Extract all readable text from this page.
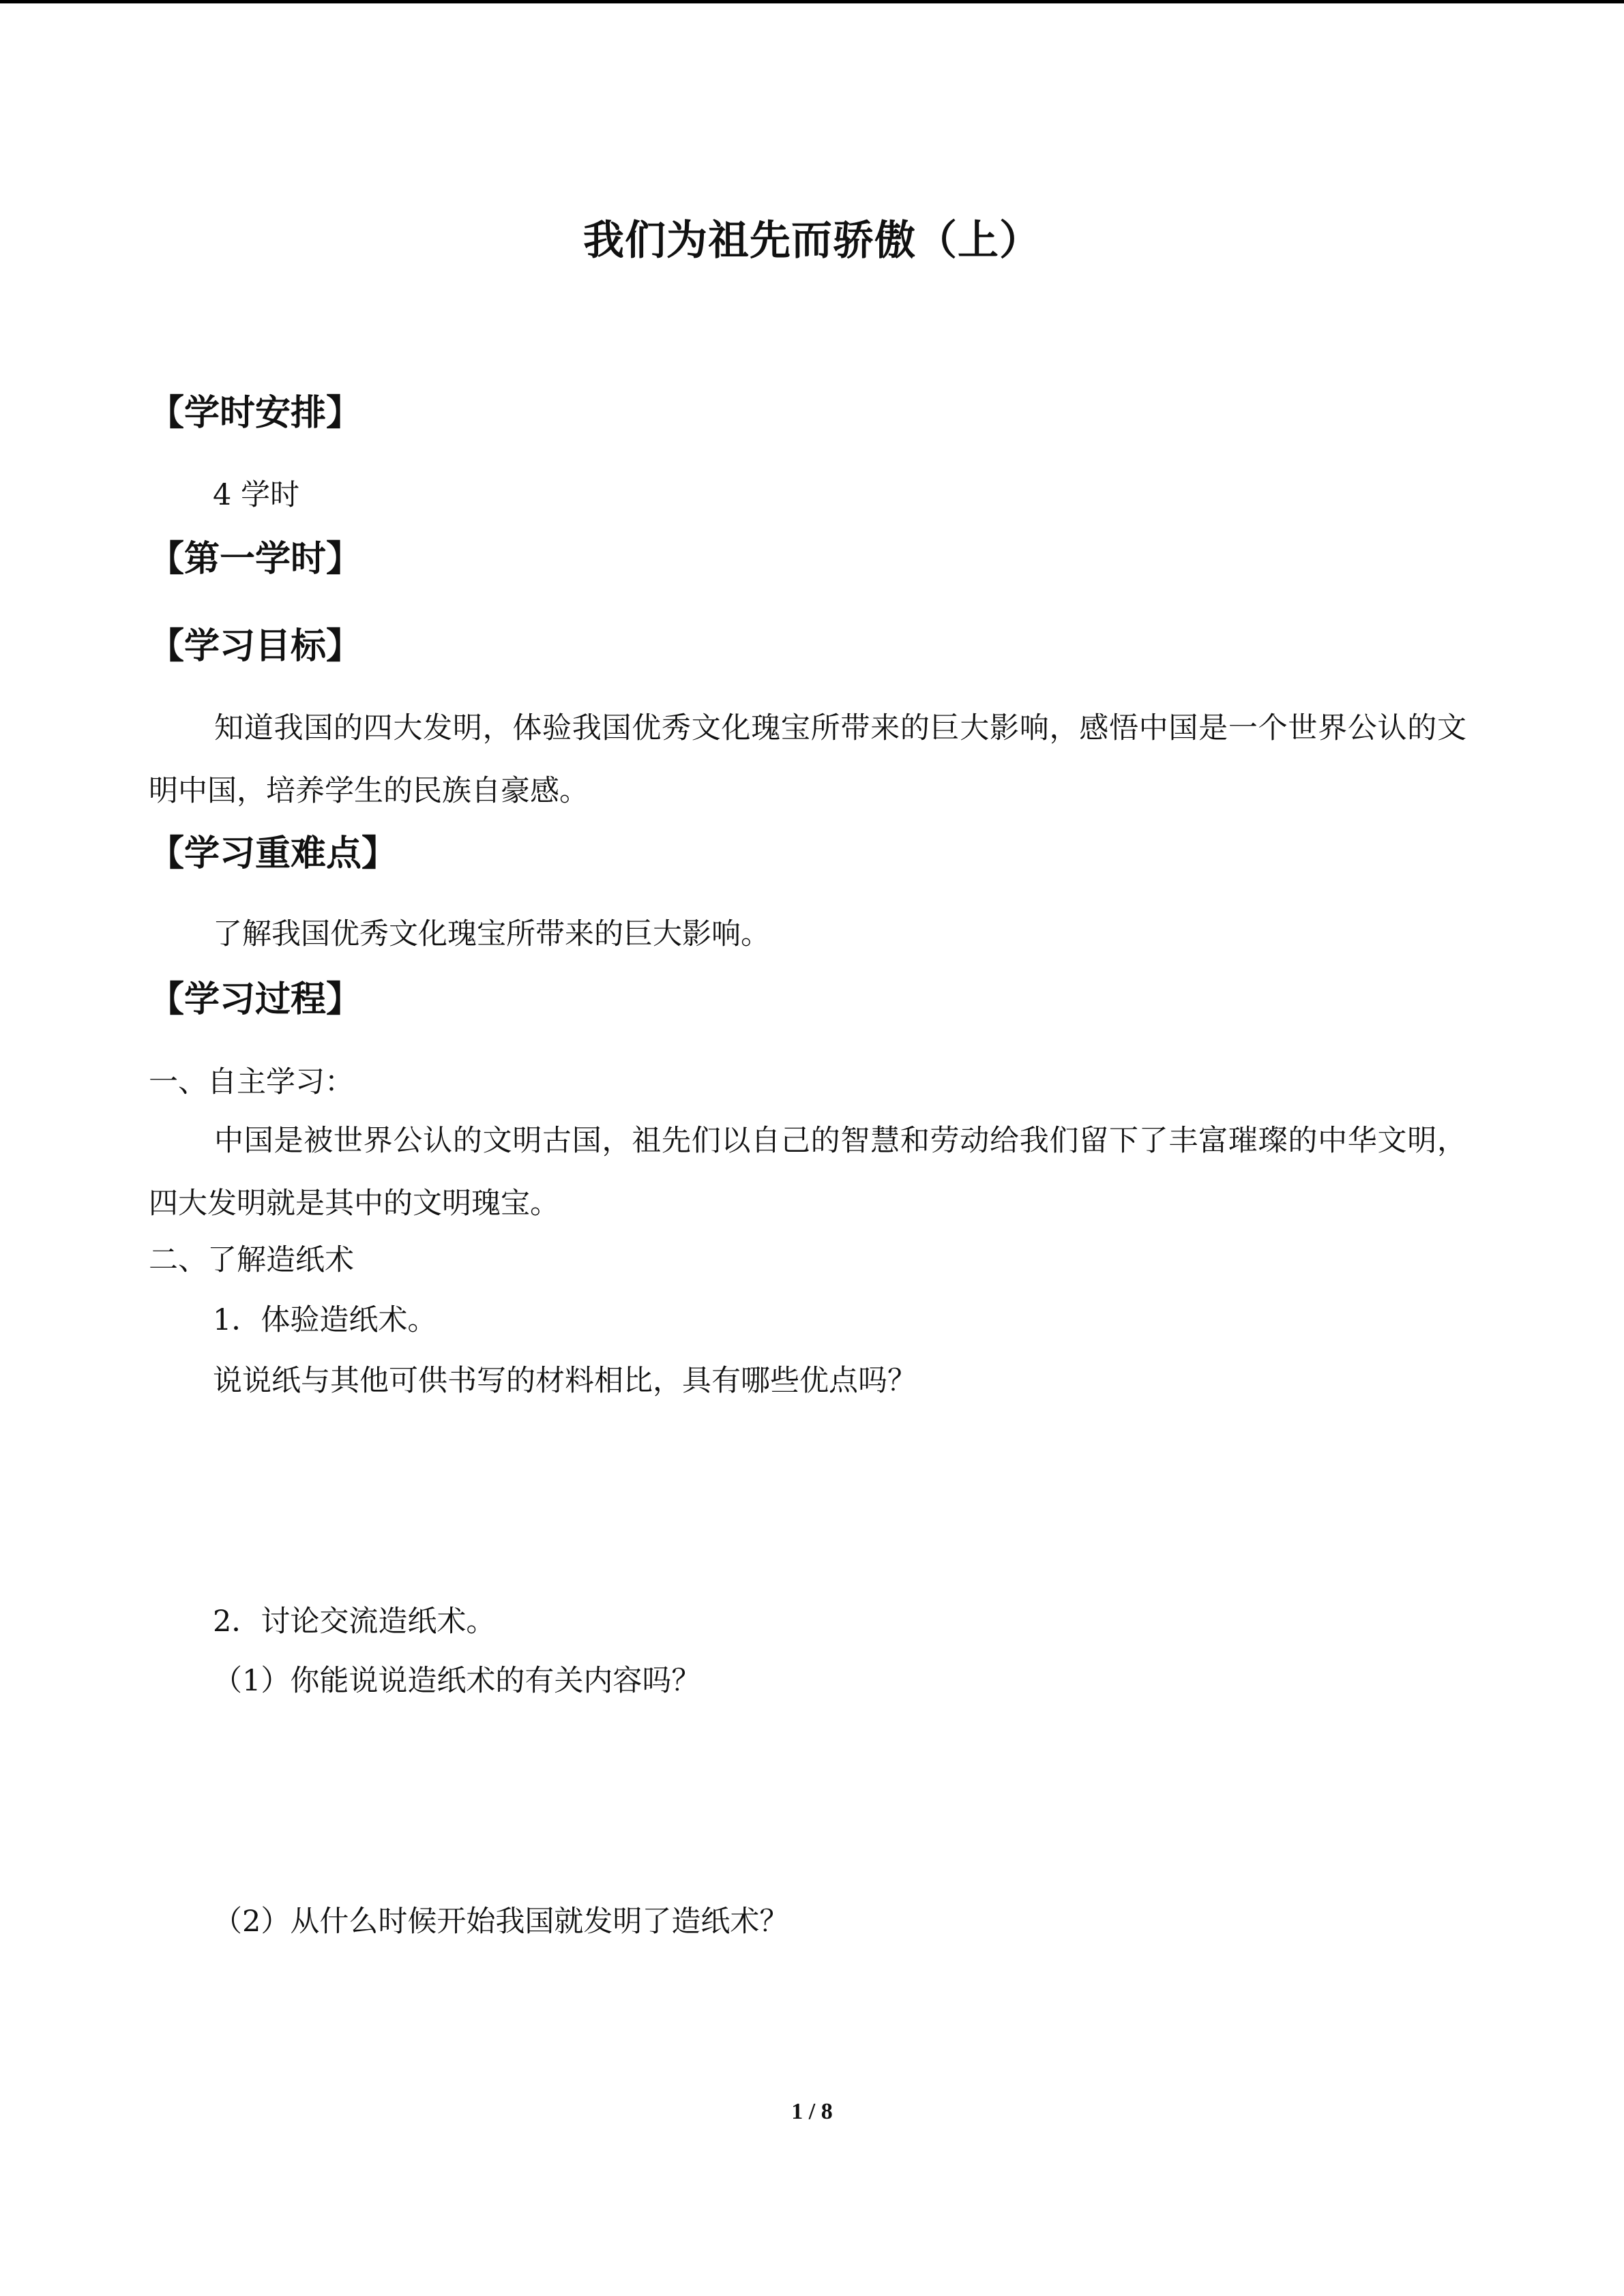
我们为祖先而骄傲（上）
【学时安排】
4 学时
【第一学时】
【学习目标】
知道我国的四大发明，体验我国优秀文化瑰宝所带来的巨大影响，感悟中国是一个世界公认的文明中国，培养学生的民族自豪感。
【学习重难点】
了解我国优秀文化瑰宝所带来的巨大影响。
【学习过程】
一、自主学习：
中国是被世界公认的文明古国，祖先们以自己的智慧和劳动给我们留下了丰富璀璨的中华文明，四大发明就是其中的文明瑰宝。
二、了解造纸术
1．体验造纸术。
说说纸与其他可供书写的材料相比，具有哪些优点吗？
2．讨论交流造纸术。
（1）你能说说造纸术的有关内容吗？
（2）从什么时候开始我国就发明了造纸术？
1 / 8
